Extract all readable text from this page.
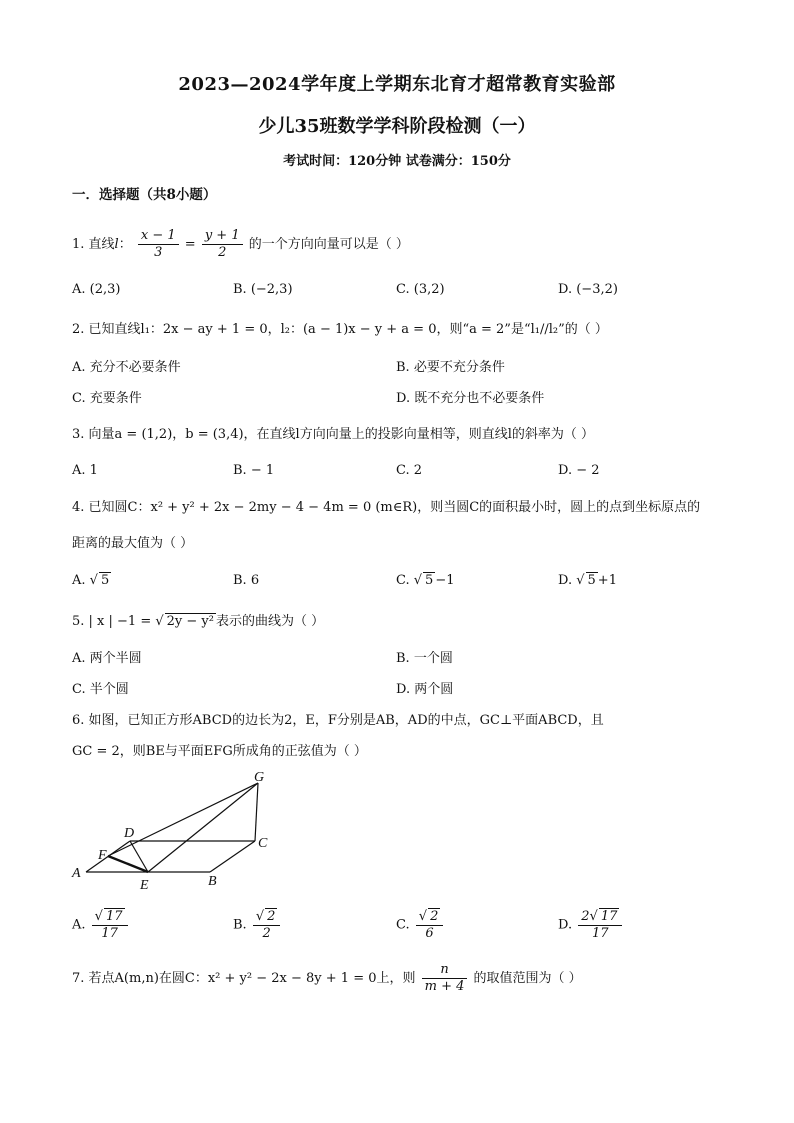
2023—2024学年度上学期东北育才超常教育实验部
少儿35班数学学科阶段检测（一）
考试时间：120分钟 试卷满分：150分
一．选择题（共8小题）
1. 直线l： $\frac{x - 1}{3} = \frac{y + 1}{2}$ 的一个方向向量可以是（ ）
A. (2,3)	B. (−2,3)	C. (3,2)	D. (−3,2)
2. 已知直线l₁：2x − ay + 1 = 0，l₂：(a − 1)x − y + a = 0，则“a = 2”是“l₁//l₂”的（ ）
A. 充分不必要条件	B. 必要不充分条件
C. 充要条件	D. 既不充分也不必要条件
3. 向量a = (1,2)，b = (3,4)，在直线l方向向量上的投影向量相等，则直线l的斜率为（ ）
A. 1	B. − 1	C. 2	D. − 2
4. 已知圆C：x² + y² + 2x − 2my − 4 − 4m = 0 (m∈R)，则当圆C的面积最小时，圆上的点到坐标原点的
距离的最大值为（ ）
A. √ 5	B. 6	C. √ 5 −1	D. √ 5 +1
5. | x | −1 = √ 2y − y² 表示的曲线为（ ）
A. 两个半圆	B. 一个圆
C. 半个圆	D. 两个圆
6. 如图，已知正方形ABCD的边长为2，E，F分别是AB，AD的中点，GC⊥平面ABCD，且
GC = 2，则BE与平面EFG所成角的正弦值为（ ）
A
B
C
D
E
F
G
A. $\frac{√ 17}{17}$	B. $\frac{√ 2}{2}$	C. $\frac{√ 2}{6}$	D. $\frac{2√ 17}{17}$
7. 若点A(m,n)在圆C：x² + y² − 2x − 8y + 1 = 0上，则 $\frac{n}{m + 4}$ 的取值范围为（ ）
